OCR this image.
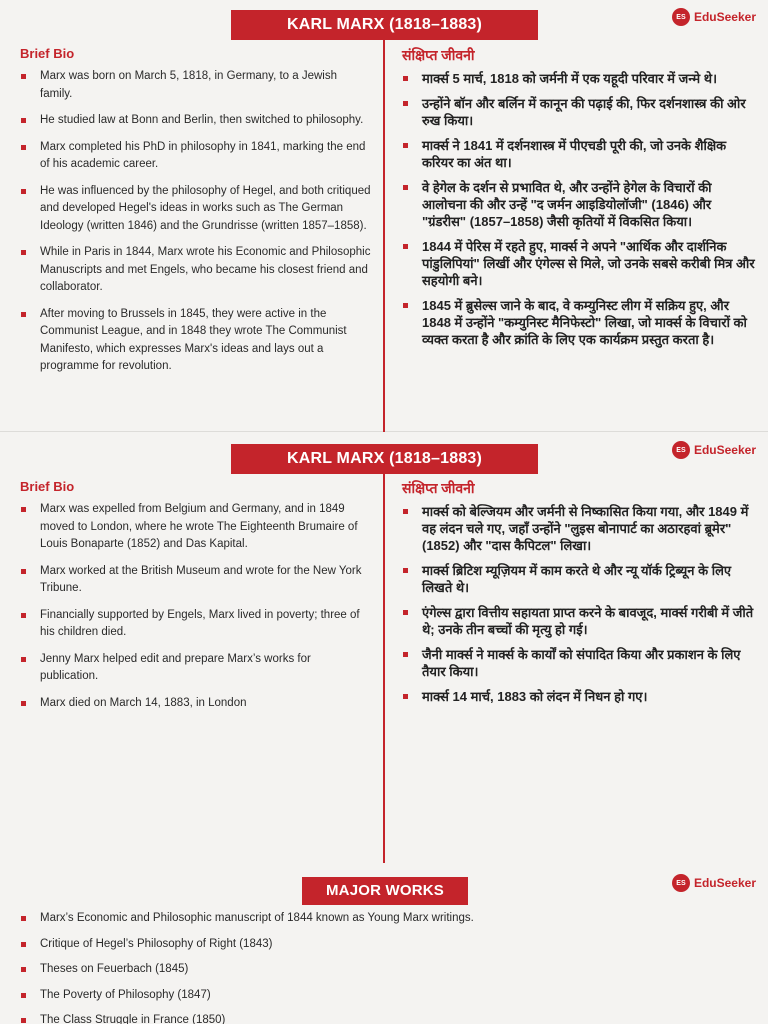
KARL MARX (1818–1883)	ES EduSeeker
Brief Bio
Marx was born on March 5, 1818, in Germany, to a Jewish family.
He studied law at Bonn and Berlin, then switched to philosophy.
Marx completed his PhD in philosophy in 1841, marking the end of his academic career.
He was influenced by the philosophy of Hegel, and both critiqued and developed Hegel's ideas in works such as The German Ideology (written 1846) and the Grundrisse (written 1857–1858).
While in Paris in 1844, Marx wrote his Economic and Philosophic Manuscripts and met Engels, who became his closest friend and collaborator.
After moving to Brussels in 1845, they were active in the Communist League, and in 1848 they wrote The Communist Manifesto, which expresses Marx's ideas and lays out a programme for revolution.
संक्षिप्त जीवनी
मार्क्स 5 मार्च, 1818 को जर्मनी में एक यहूदी परिवार में जन्मे थे।
उन्होंने बॉन और बर्लिन में कानून की पढ़ाई की, फिर दर्शनशास्त्र की ओर रुख किया।
मार्क्स ने 1841 में दर्शनशास्त्र में पीएचडी पूरी की, जो उनके शैक्षिक करियर का अंत था।
वे हेगेल के दर्शन से प्रभावित थे, और उन्होंने हेगेल के विचारों की आलोचना की और उन्हें "द जर्मन आइडियोलॉजी" (1846) और "ग्रंडरीस" (1857–1858) जैसी कृतियों में विकसित किया।
1844 में पेरिस में रहते हुए, मार्क्स ने अपने "आर्थिक और दार्शनिक पांडुलिपियां" लिखीं और एंगेल्स से मिले, जो उनके सबसे करीबी मित्र और सहयोगी बने।
1845 में ब्रुसेल्स जाने के बाद, वे कम्युनिस्ट लीग में सक्रिय हुए, और 1848 में उन्होंने "कम्युनिस्ट मैनिफेस्टो" लिखा, जो मार्क्स के विचारों को व्यक्त करता है और क्रांति के लिए एक कार्यक्रम प्रस्तुत करता है।
KARL MARX (1818–1883)	ES EduSeeker
Brief Bio
Marx was expelled from Belgium and Germany, and in 1849 moved to London, where he wrote The Eighteenth Brumaire of Louis Bonaparte (1852) and Das Kapital.
Marx worked at the British Museum and wrote for the New York Tribune.
Financially supported by Engels, Marx lived in poverty; three of his children died.
Jenny Marx helped edit and prepare Marx’s works for publication.
Marx died on March 14, 1883, in London
संक्षिप्त जीवनी
मार्क्स को बेल्जियम और जर्मनी से निष्कासित किया गया, और 1849 में वह लंदन चले गए, जहाँ उन्होंने "लुइस बोनापार्ट का अठारहवां ब्रूमेर" (1852) और "दास कैपिटल" लिखा।
मार्क्स ब्रिटिश म्यूज़ियम में काम करते थे और न्यू यॉर्क ट्रिब्यून के लिए लिखते थे।
एंगेल्स द्वारा वित्तीय सहायता प्राप्त करने के बावजूद, मार्क्स गरीबी में जीते थे; उनके तीन बच्चों की मृत्यु हो गई।
जैनी मार्क्स ने मार्क्स के कार्यों को संपादित किया और प्रकाशन के लिए तैयार किया।
मार्क्स 14 मार्च, 1883 को लंदन में निधन हो गए।
MAJOR WORKS	ES EduSeeker
Marx’s Economic and Philosophic manuscript of 1844 known as Young Marx writings.
Critique of Hegel’s Philosophy of Right (1843)
Theses on Feuerbach (1845)
The Poverty of Philosophy (1847)
The Class Struggle in France (1850)
